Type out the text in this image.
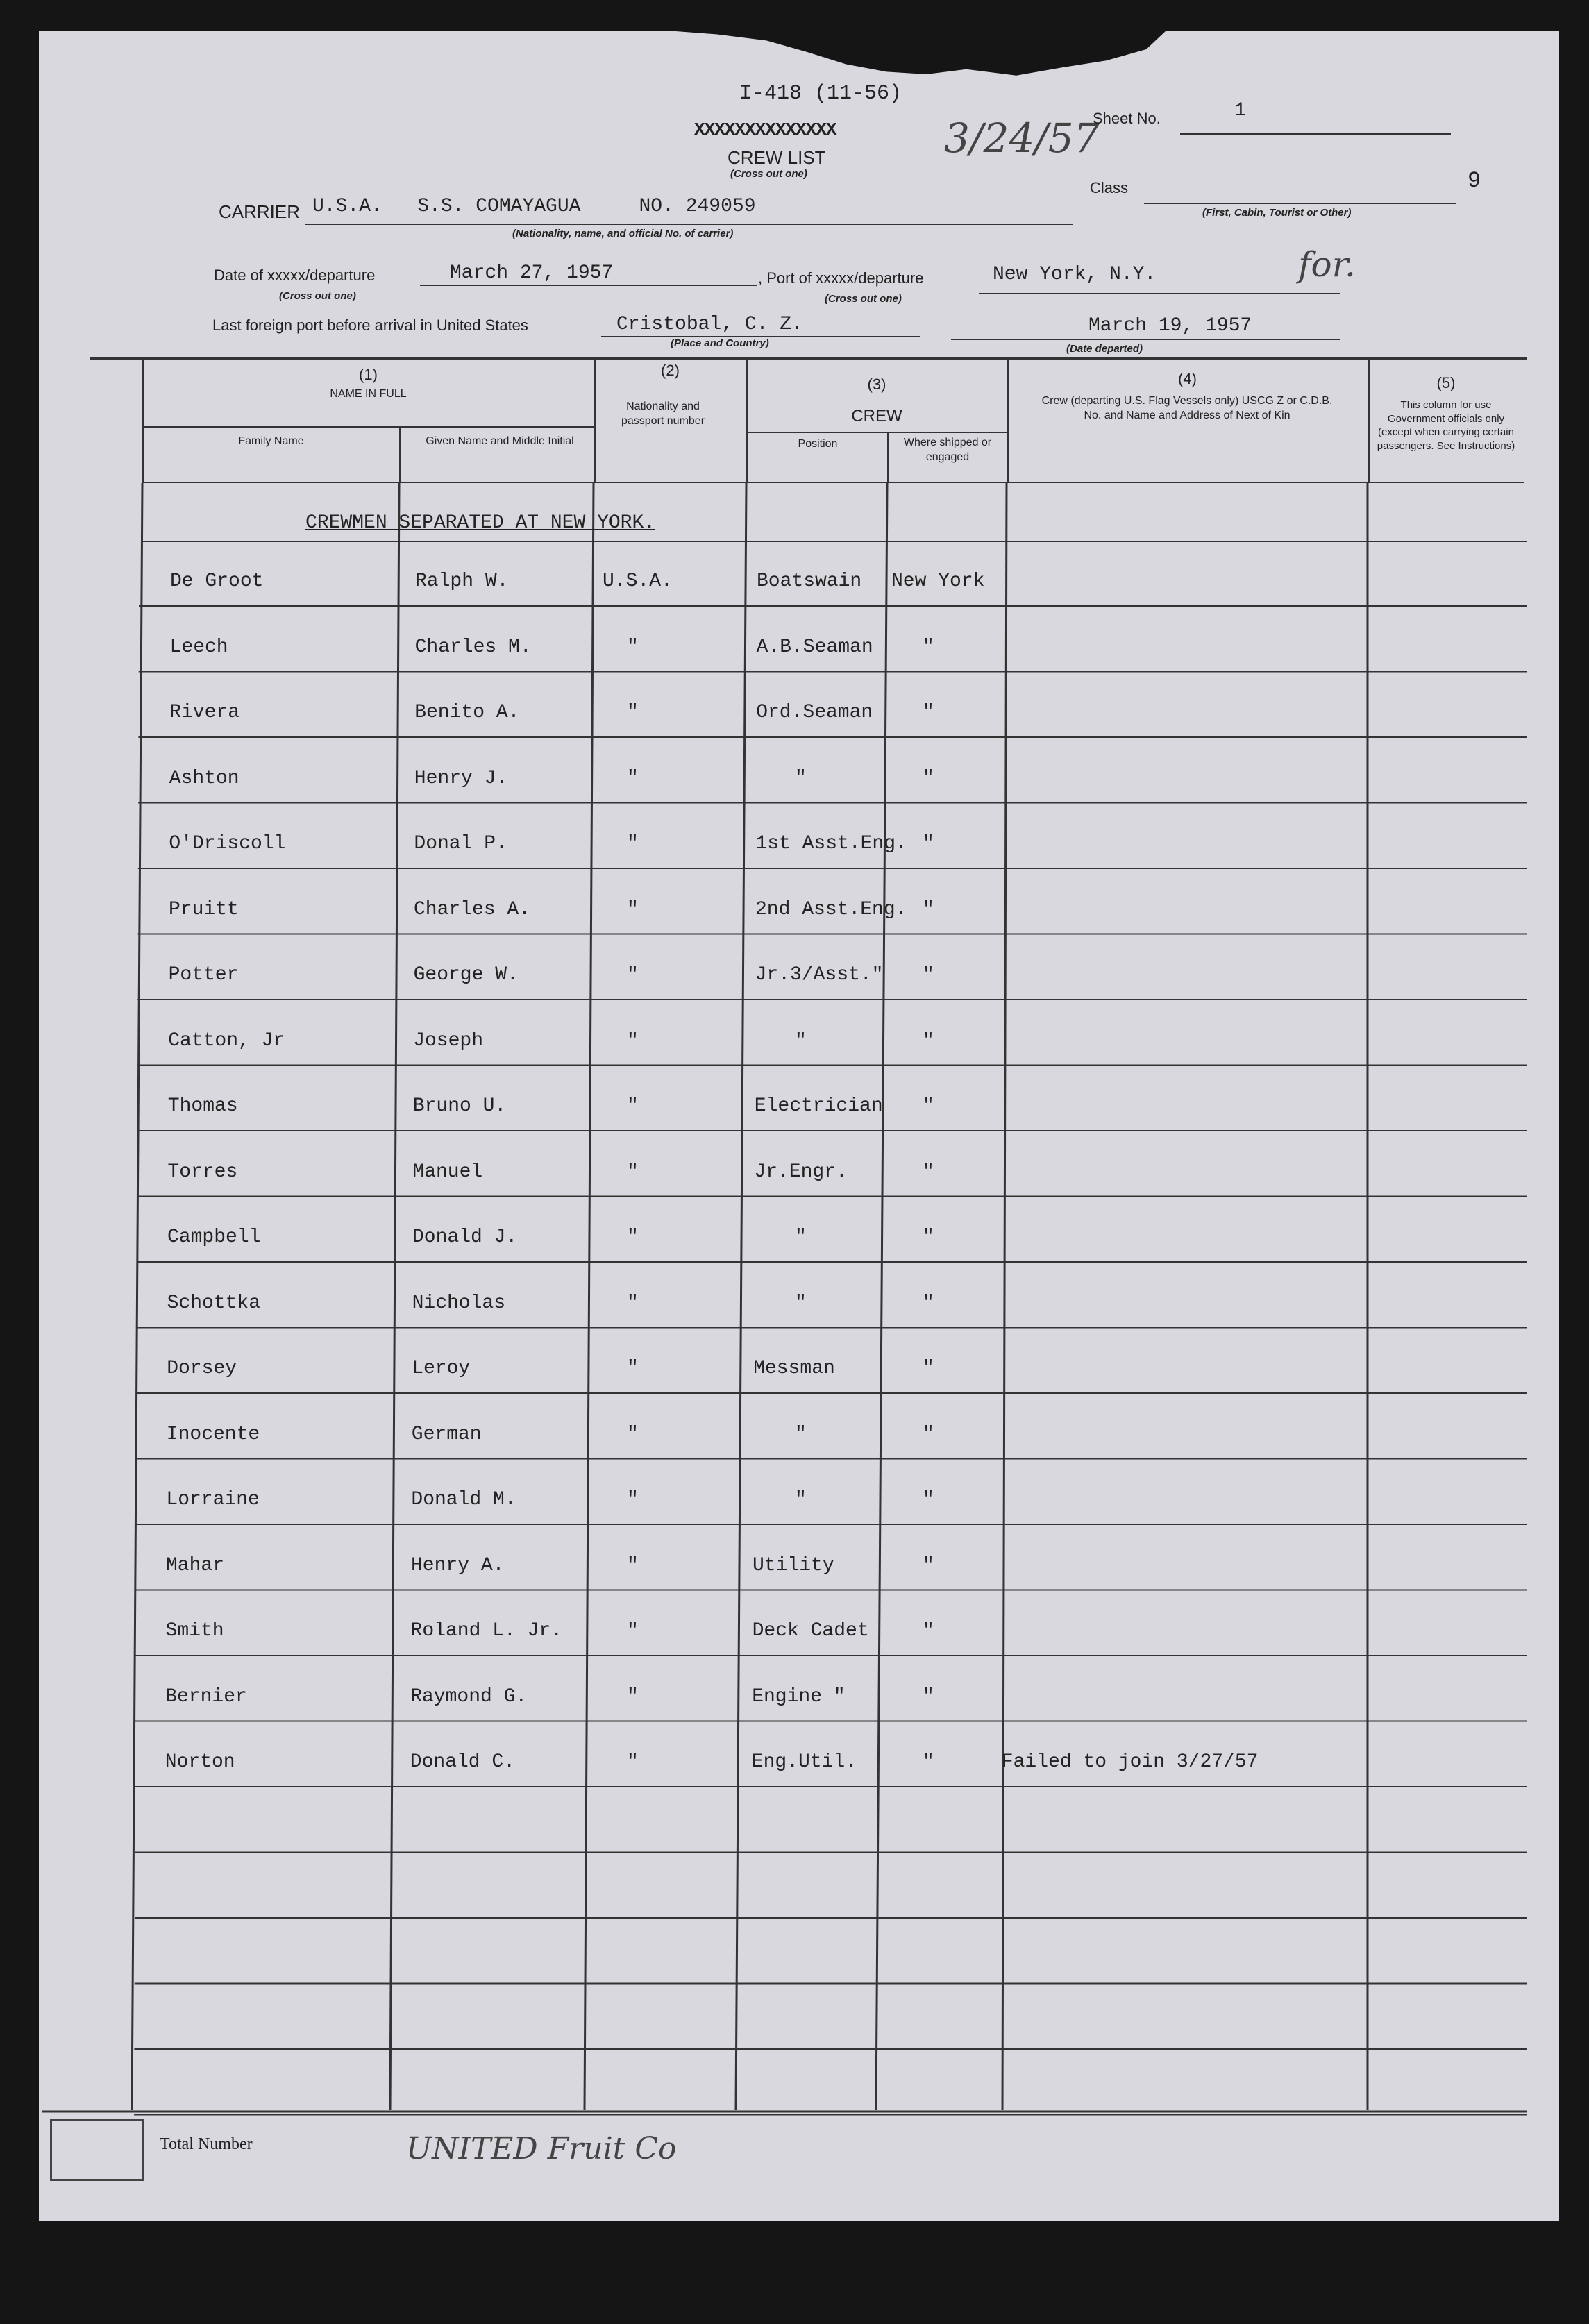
I-418 (11-56)
XXXXXXXXXXXXXX
CREW LIST
(Cross out one)
3/24/57
Sheet No.	1
Class
(First, Cabin, Tourist or Other)
9
CARRIER U.S.A.   S.S. COMAYAGUA     NO. 249059
(Nationality, name, and official No. of carrier)
Date of xxxxx/departure	March 27, 1957
(Cross out one)
, Port of xxxxx/departure	New York, N.Y.
(Cross out one)
for.
Last foreign port before arrival in United States	Cristobal, C. Z.
(Place and Country)
March 19, 1957
(Date departed)
(1)
NAME IN FULL
Family Name	Given Name and Middle Initial
(2)
Nationality and passport number
(3)
CREW
Position	Where shipped or engaged
(4)
Crew (departing U.S. Flag Vessels only) USCG Z or C.D.B. No. and Name and Address of Next of Kin
(5)
This column for use Government officials only (except when carrying certain passengers. See Instructions)
CREWMEN SEPARATED AT NEW YORK.
De Groot	Ralph W.	U.S.A.	Boatswain New York
Leech	Charles M.	"	A.B.Seaman	"
Rivera	Benito A.	"	Ord.Seaman	"
Ashton	Henry J.	"	"	"
O'Driscoll	Donal P.	"	1st Asst.Eng. "
Pruitt	Charles A.	"	2nd Asst.Eng. "
Potter	George W.	"	Jr.3/Asst." "
Catton, Jr	Joseph	"	"	"
Thomas	Bruno U.	"	Electrician "
Torres	Manuel	"	Jr.Engr.	"
Campbell	Donald J.	"	"	"
Schottka	Nicholas	"	"	"
Dorsey	Leroy	"	Messman	"
Inocente	German	"	"	"
Lorraine	Donald M.	"	"	"
Mahar	Henry A.	"	Utility	"
Smith	Roland L. Jr.	"	Deck Cadet	"
Bernier	Raymond G.	"	Engine "	"
Norton	Donald C.	"	Eng.Util.	"	Failed to join 3/27/57
Total Number	UNITED Fruit Co
